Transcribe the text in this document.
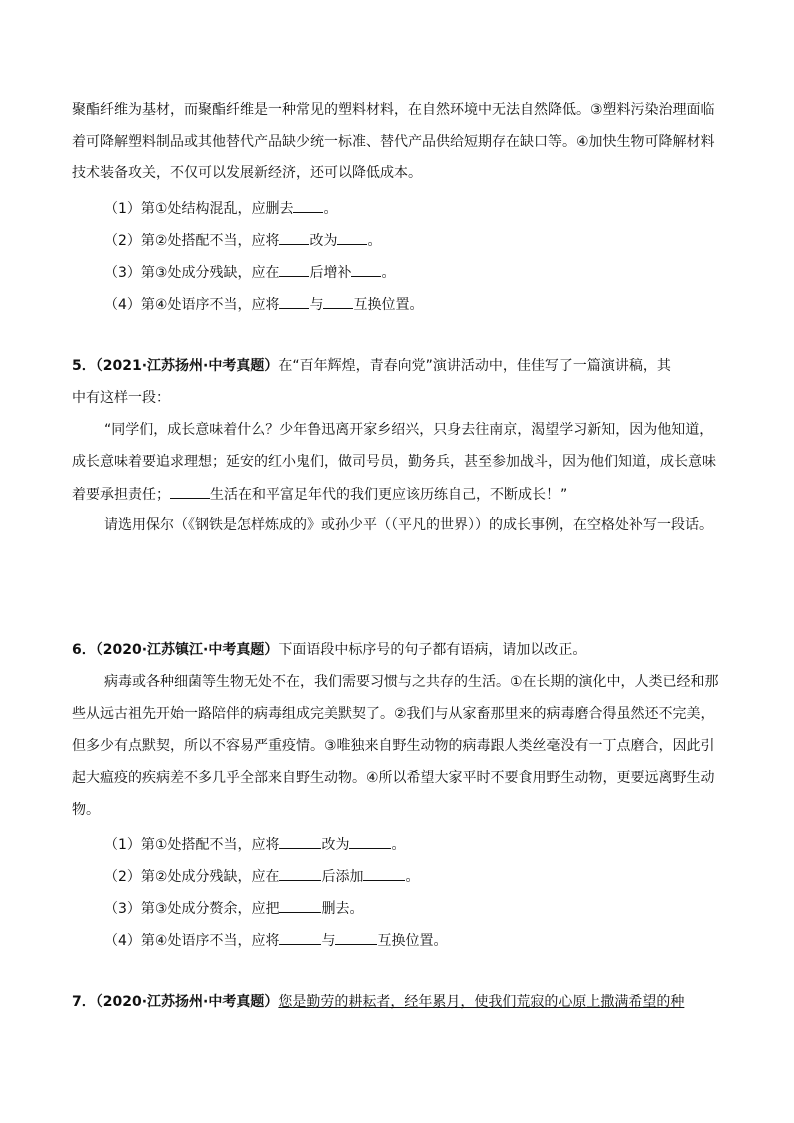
聚酯纤维为基材，而聚酯纤维是一种常见的塑料材料，在自然环境中无法自然降低。③塑料污染治理面临
着可降解塑料制品或其他替代产品缺少统一标准、替代产品供给短期存在缺口等。④加快生物可降解材料
技术装备攻关，不仅可以发展新经济，还可以降低成本。
（1）第①处结构混乱，应删去 。
（2）第②处搭配不当，应将 改为 。
（3）第③处成分残缺，应在 后增补 。
（4）第④处语序不当，应将 与 互换位置。
5．（2021·江苏扬州·中考真题）在“百年辉煌，青春向党”演讲活动中，佳佳写了一篇演讲稿，其
中有这样一段：
“同学们，成长意味着什么？少年鲁迅离开家乡绍兴，只身去往南京，渴望学习新知，因为他知道，
成长意味着要追求理想；延安的红小鬼们，做司号员，勤务兵，甚至参加战斗，因为他们知道，成长意味
着要承担责任；	生活在和平富足年代的我们更应该历练自己，不断成长！”
请选用保尔（《钢铁是怎样炼成的》或孙少平（（平凡的世界））的成长事例，在空格处补写一段话。
6．（2020·江苏镇江·中考真题）下面语段中标序号的句子都有语病，请加以改正。
病毒或各种细菌等生物无处不在，我们需要习惯与之共存的生活。①在长期的演化中，人类已经和那
些从远古祖先开始一路陪伴的病毒组成完美默契了。②我们与从家畜那里来的病毒磨合得虽然还不完美，
但多少有点默契，所以不容易严重疫情。③唯独来自野生动物的病毒跟人类丝毫没有一丁点磨合，因此引
起大瘟疫的疾病差不多几乎全部来自野生动物。④所以希望大家平时不要食用野生动物，更要远离野生动
物。
（1）第①处搭配不当，应将	改为	。
（2）第②处成分残缺，应在	后添加	。
（3）第③处成分赘余，应把	删去。
（4）第④处语序不当，应将	与	互换位置。
7．（2020·江苏扬州·中考真题）您是勤劳的耕耘者，经年累月，使我们荒寂的心原上撒满希望的种
